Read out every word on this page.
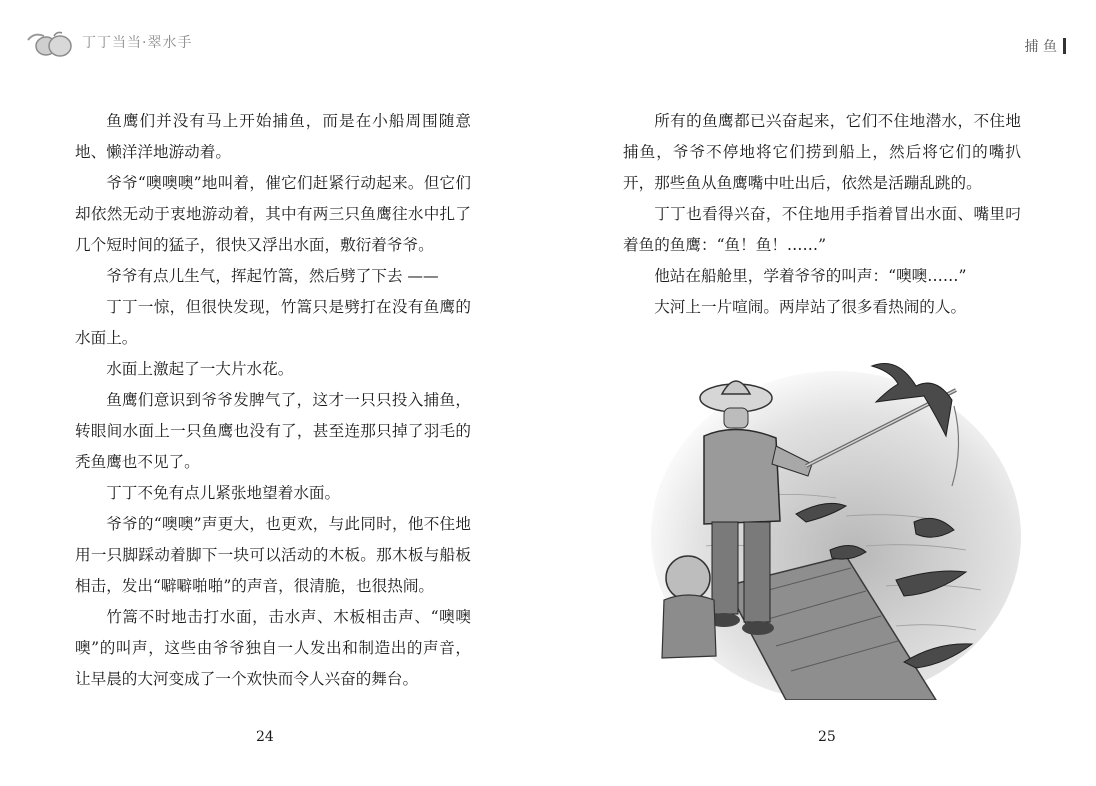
丁丁当当·翠水手	捕 鱼

鱼鹰们并没有马上开始捕鱼，而是在小船周围随意地、懒洋洋地游动着。

爷爷“噢噢噢”地叫着，催它们赶紧行动起来。但它们却依然无动于衷地游动着，其中有两三只鱼鹰往水中扎了几个短时间的猛子，很快又浮出水面，敷衍着爷爷。

爷爷有点儿生气，挥起竹篙，然后劈了下去 ——

丁丁一惊，但很快发现，竹篙只是劈打在没有鱼鹰的水面上。

水面上激起了一大片水花。

鱼鹰们意识到爷爷发脾气了，这才一只只投入捕鱼，转眼间水面上一只鱼鹰也没有了，甚至连那只掉了羽毛的秃鱼鹰也不见了。

丁丁不免有点儿紧张地望着水面。

爷爷的“噢噢”声更大，也更欢，与此同时，他不住地用一只脚踩动着脚下一块可以活动的木板。那木板与船板相击，发出“噼噼啪啪”的声音，很清脆，也很热闹。

竹篙不时地击打水面，击水声、木板相击声、“噢噢噢”的叫声，这些由爷爷独自一人发出和制造出的声音，让早晨的大河变成了一个欢快而令人兴奋的舞台。

所有的鱼鹰都已兴奋起来，它们不住地潜水，不住地捕鱼，爷爷不停地将它们捞到船上，然后将它们的嘴扒开，那些鱼从鱼鹰嘴中吐出后，依然是活蹦乱跳的。

丁丁也看得兴奋，不住地用手指着冒出水面、嘴里叼着鱼的鱼鹰：“鱼！鱼！……”

他站在船舱里，学着爷爷的叫声：“噢噢……”

大河上一片喧闹。两岸站了很多看热闹的人。

24	25
